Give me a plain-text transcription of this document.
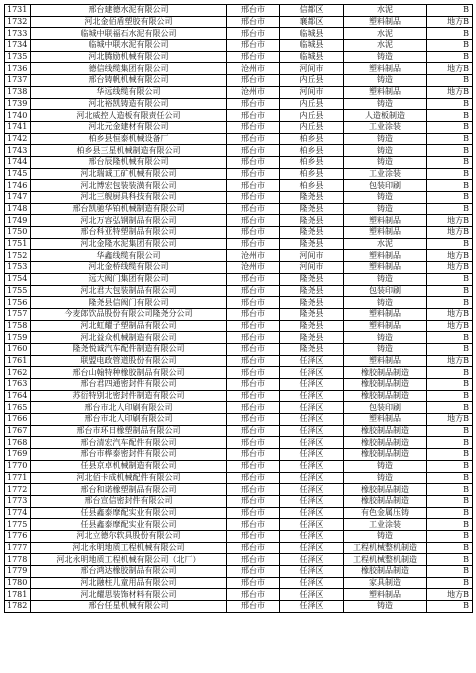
1731	邢台建德水泥有限公司	邢台市	信都区	水泥	B
1732	河北金佰盾塑胶有限公司	邢台市	襄都区	塑料制品	地方B
1733	临城中联福石水泥有限公司	邢台市	临城县	水泥	B
1734	临城中联水泥有限公司	邢台市	临城县	水泥	B
1735	河北腾励机械有限公司	邢台市	临城县	铸造	B
1736	德信线缆集团有限公司	沧州市	河间市	塑料制品	地方B
1737	邢台铸帆机械有限公司	邢台市	内丘县	铸造	B
1738	华远线缆有限公司	沧州市	河间市	塑料制品	地方B
1739	河北裕凯铸造有限公司	邢台市	内丘县	铸造	B
1740	河北威控人造板有限责任公司	邢台市	内丘县	人造板制造	B
1741	河北元金建材有限公司	邢台市	内丘县	工业涂装	B
1742	柏乡县恒泰机械设备厂	邢台市	柏乡县	铸造	B
1743	柏乡县三星机械制造有限公司	邢台市	柏乡县	铸造	B
1744	邢台辰隆机械有限公司	邢台市	柏乡县	铸造	B
1745	河北瑞诚工矿机械有限公司	邢台市	柏乡县	工业涂装	B
1746	河北博宏包装装潢有限公司	邢台市	柏乡县	包装印刷	B
1747	河北三舰厨具科技有限公司	邢台市	隆尧县	铸造	B
1748	邢台凯驰华铂机械制造有限公司	邢台市	隆尧县	铸造	B
1749	河北万容弘钢制品有限公司	邢台市	隆尧县	塑料制品	地方B
1750	邢台科亚特塑制品有限公司	邢台市	隆尧县	塑料制品	地方B
1751	河北金隆水泥集团有限公司	邢台市	隆尧县	水泥	B
1752	华鑫线缆有限公司	沧州市	河间市	塑料制品	地方B
1753	河北金桥线缆有限公司	沧州市	河间市	塑料制品	地方B
1754	远大阀门集团有限公司	邢台市	隆尧县	铸造	B
1755	河北君大包装制品有限公司	邢台市	隆尧县	包装印刷	B
1756	隆尧县信阀门有限公司	邢台市	隆尧县	铸造	B
1757	今麦郎饮品股份有限公司隆尧分公司	邢台市	隆尧县	塑料制品	地方B
1758	河北虹耀子塑制品有限公司	邢台市	隆尧县	塑料制品	地方B
1759	河北益众机械制造有限公司	邢台市	隆尧县	铸造	B
1760	隆尧悦诚汽车配件制造有限公司	邢台市	隆尧县	铸造	B
1761	联盟电政管道股份有限公司	邢台市	任泽区	塑料制品	地方B
1762	邢台山翰特种橡胶制品有限公司	邢台市	任泽区	橡胶制品制造	B
1763	邢台君四通密封件有限公司	邢台市	任泽区	橡胶制品制造	B
1764	苏衍特别北密封件制造有限公司	邢台市	任泽区	橡胶制品制造	B
1765	邢台市北人印刷有限公司	邢台市	任泽区	包装印刷	B
1766	邢台市北人印刷有限公司	邢台市	任泽区	塑料制品	地方B
1767	邢台市环日橡塑制品有限公司	邢台市	任泽区	橡胶制品制造	B
1768	邢台清宏汽车配件有限公司	邢台市	任泽区	橡胶制品制造	B
1769	邢台市桦泰密封件有限公司	邢台市	任泽区	橡胶制品制造	B
1770	任县京卓机械制造有限公司	邢台市	任泽区	铸造	B
1771	河北佰卡成机械配件有限公司	邢台市	任泽区	铸造	B
1772	邢台和诺橡塑制品有限公司	邢台市	任泽区	橡胶制品制造	B
1773	邢台宣信密封件有限公司	邢台市	任泽区	橡胶制品制造	B
1774	任县鑫泰摩配实业有限公司	邢台市	任泽区	有色金属压铸	B
1775	任县鑫泰摩配实业有限公司	邢台市	任泽区	工业涂装	B
1776	河北立德尔软具股份有限公司	邢台市	任泽区	铸造	B
1777	河北永明地质工程机械有限公司	邢台市	任泽区	工程机械整机制造	B
1778	河北永明地质工程机械有限公司（北厂）	邢台市	任泽区	工程机械整机制造	B
1779	邢台鸿达橡胶制品有限公司	邢台市	任泽区	橡胶制品制造	B
1780	河北融柱儿童用品有限公司	邢台市	任泽区	家具制造	B
1781	河北耀思装饰材料有限公司	邢台市	任泽区	塑料制品	地方B
1782	邢台任星机械有限公司	邢台市	任泽区	铸造	B
